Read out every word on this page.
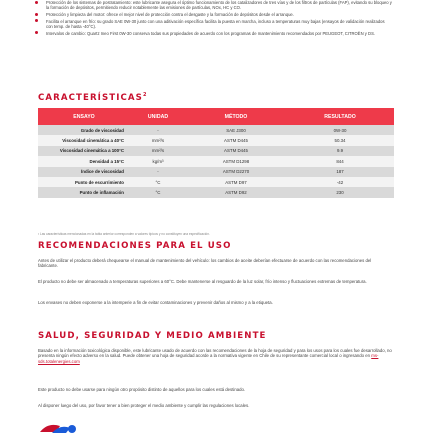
Protección de los sistemas de postratamiento: este lubricante asegura el óptimo funcionamiento de los catalizadores de tres vías y de los filtros de partículas (FAP), evitando su bloqueo y la formación de depósitos, permitiendo reducir notablemente las emisiones de partículas, NOx, HC y CO.
Protección y limpieza del motor: ofrece el mejor nivel de protección contra el desgaste y la formación de depósitos desde el arranque.
Facilita el arranque en frío: su grado SAE 0W-30 junto con una aditivación específica facilita la puesta en marcha, incluso a temperaturas muy bajas (ensayos de validación realizados con temp. de hasta -40°C).
Intervalos de cambio: Quartz Ineo First 0W-30 conserva todas sus propiedades de acuerdo con los programas de mantenimiento recomendados por PEUGEOT, CITROËN y DS.
CARACTERÍSTICAS$^2$
ENSAYO	UNIDAD	MÉTODO	RESULTADO
Grado de viscosidad	-	SAE J300	0W-30
Viscosidad cinemática a 40°C	mm²/s	ASTM D445	50.34
Viscosidad cinemática a 100°C	mm²/s	ASTM D445	9.9
Densidad a 15°C	kg/m³	ASTM D1298	844
Índice de viscosidad	-	ASTM D2270	187
Punto de escurrimiento	°C	ASTM D97	-42
Punto de inflamación	°C	ASTM D92	230
² Las características mencionadas en la tabla anterior corresponden a valores típicos y no constituyen una especificación.
RECOMENDACIONES PARA EL USO

Antes de utilizar el producto deberá chequearse el manual de mantenimiento del vehículo: los cambios de aceite deberían efectuarse de acuerdo con las recomendaciones del fabricante.

El producto no debe ser almacenado a temperaturas superiores a 60°C. Debe mantenerse al resguardo de la luz solar, frío intenso y fluctuaciones extremas de temperatura.

Los envases no deben exponerse a la intemperie a fin de evitar contaminaciones y prevenir daños al mismo y a la etiqueta.

SALUD, SEGURIDAD Y MEDIO AMBIENTE

Basado en la información toxicológica disponible, este lubricante usado de acuerdo con las recomendaciones de la hoja de seguridad y para los usos para los cuales fue desarrollado, no presenta ningún efecto adverso en la salud. Puede obtener una hoja de seguridad acorde a la normativa vigente en Chile de su representante comercial local o ingresando en ms-sds.totalenergies.com

Este producto no debe usarse para ningún otro propósito distinto de aquellos para los cuales está destinado.

Al disponer luego del uso, por favor tener a bien proteger el medio ambiente y cumplir las regulaciones locales.
